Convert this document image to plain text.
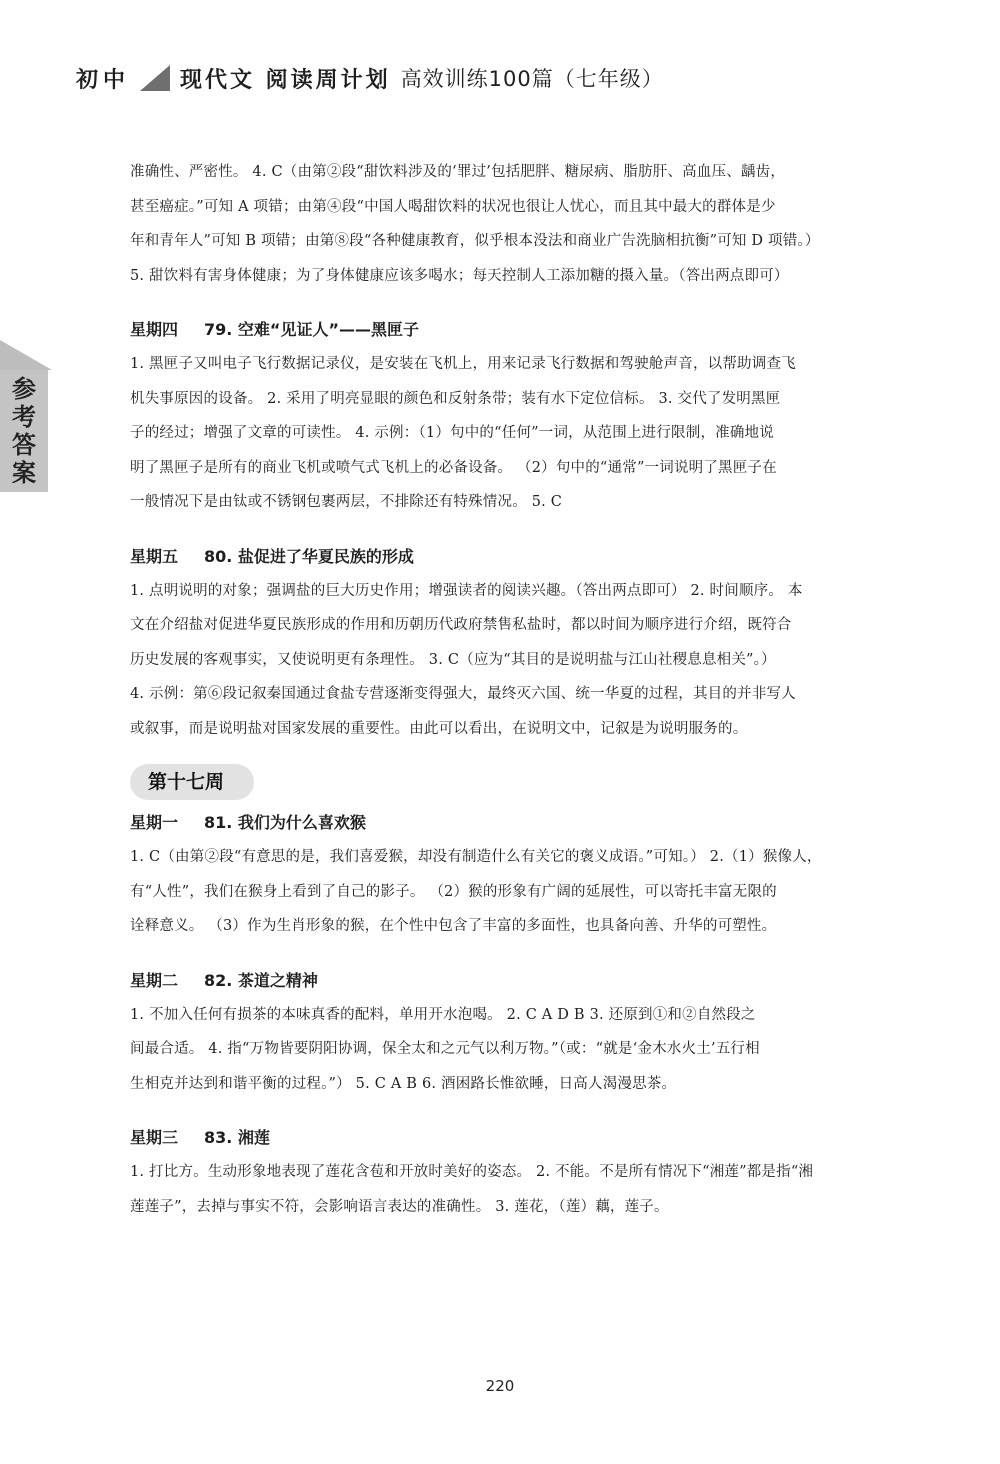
初中 现代文 阅读周计划 高效训练100篇（七年级）
参
考
答
案

准确性、严密性。 4. C（由第②段“甜饮料涉及的‘罪过’包括肥胖、糖尿病、脂肪肝、高血压、龋齿，

甚至癌症。”可知 A 项错；由第④段“中国人喝甜饮料的状况也很让人忧心，而且其中最大的群体是少

年和青年人”可知 B 项错；由第⑧段“各种健康教育，似乎根本没法和商业广告洗脑相抗衡”可知 D 项错。）

5. 甜饮料有害身体健康；为了身体健康应该多喝水；每天控制人工添加糖的摄入量。（答出两点即可）

星期四 79. 空难“见证人”——黑匣子

1. 黑匣子又叫电子飞行数据记录仪，是安装在飞机上，用来记录飞行数据和驾驶舱声音，以帮助调查飞

机失事原因的设备。 2. 采用了明亮显眼的颜色和反射条带；装有水下定位信标。 3. 交代了发明黑匣

子的经过；增强了文章的可读性。 4. 示例：（1）句中的“任何”一词，从范围上进行限制，准确地说

明了黑匣子是所有的商业飞机或喷气式飞机上的必备设备。 （2）句中的“通常”一词说明了黑匣子在

一般情况下是由钛或不锈钢包裹两层，不排除还有特殊情况。 5. C

星期五 80. 盐促进了华夏民族的形成

1. 点明说明的对象；强调盐的巨大历史作用；增强读者的阅读兴趣。（答出两点即可） 2. 时间顺序。 本

文在介绍盐对促进华夏民族形成的作用和历朝历代政府禁售私盐时，都以时间为顺序进行介绍，既符合

历史发展的客观事实，又使说明更有条理性。 3. C（应为“其目的是说明盐与江山社稷息息相关”。）

4. 示例：第⑥段记叙秦国通过食盐专营逐渐变得强大，最终灭六国、统一华夏的过程，其目的并非写人

或叙事，而是说明盐对国家发展的重要性。由此可以看出，在说明文中，记叙是为说明服务的。

第十七周
星期一 81. 我们为什么喜欢猴

1. C（由第②段“有意思的是，我们喜爱猴，却没有制造什么有关它的褒义成语。”可知。） 2.（1）猴像人，

有“人性”，我们在猴身上看到了自己的影子。 （2）猴的形象有广阔的延展性，可以寄托丰富无限的

诠释意义。 （3）作为生肖形象的猴，在个性中包含了丰富的多面性，也具备向善、升华的可塑性。

星期二 82. 茶道之精神

1. 不加入任何有损茶的本味真香的配料，单用开水泡喝。 2. C A D B 3. 还原到①和②自然段之

间最合适。 4. 指“万物皆要阴阳协调，保全太和之元气以利万物。”（或：“就是‘金木水火土’五行相

生相克并达到和谐平衡的过程。”） 5. C A B 6. 酒困路长惟欲睡，日高人渴漫思茶。

星期三 83. 湘莲

1. 打比方。生动形象地表现了莲花含苞和开放时美好的姿态。 2. 不能。不是所有情况下“湘莲”都是指“湘

莲莲子”，去掉与事实不符，会影响语言表达的准确性。 3. 莲花，（莲）藕，莲子。

220
